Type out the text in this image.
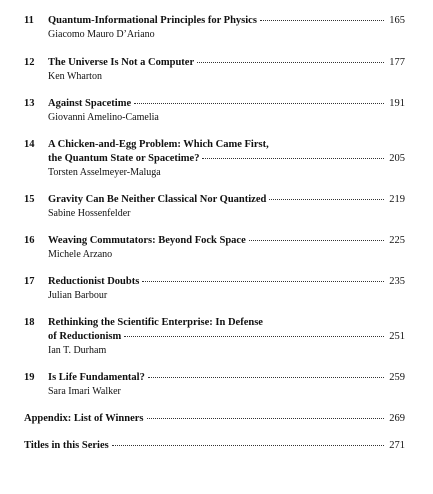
11 Quantum-Informational Principles for Physics	165
Giacomo Mauro D’Ariano
12 The Universe Is Not a Computer	177
Ken Wharton
13 Against Spacetime	191
Giovanni Amelino-Camelia
14 A Chicken-and-Egg Problem: Which Came First,
the Quantum State or Spacetime?	205
Torsten Asselmeyer-Maluga
15 Gravity Can Be Neither Classical Nor Quantized	219
Sabine Hossenfelder
16 Weaving Commutators: Beyond Fock Space	225
Michele Arzano
17 Reductionist Doubts	235
Julian Barbour
18 Rethinking the Scientific Enterprise: In Defense
of Reductionism	251
Ian T. Durham
19 Is Life Fundamental?	259
Sara Imari Walker
Appendix: List of Winners	269
Titles in this Series	271
